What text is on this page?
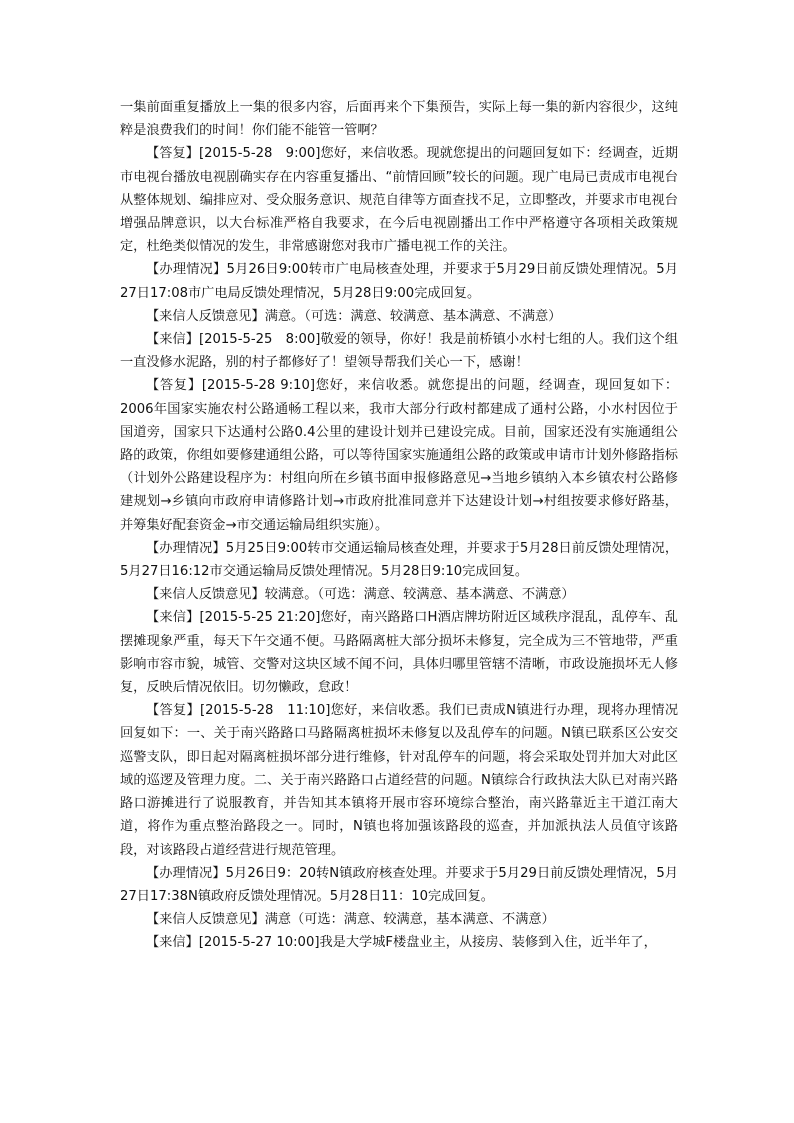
一集前面重复播放上一集的很多内容，后面再来个下集预告，实际上每一集的新内容很少，这纯粹是浪费我们的时间！你们能不能管一管啊？

【答复】[2015-5-28　9:00]您好，来信收悉。现就您提出的问题回复如下：经调查，近期市电视台播放电视剧确实存在内容重复播出、“前情回顾”较长的问题。现广电局已责成市电视台从整体规划、编排应对、受众服务意识、规范自律等方面查找不足，立即整改，并要求市电视台增强品牌意识，以大台标准严格自我要求，在今后电视剧播出工作中严格遵守各项相关政策规定，杜绝类似情况的发生，非常感谢您对我市广播电视工作的关注。

【办理情况】5月26日9:00转市广电局核查处理，并要求于5月29日前反馈处理情况。5月27日17:08市广电局反馈处理情况，5月28日9:00完成回复。

【来信人反馈意见】满意。（可选：满意、较满意、基本满意、不满意）

【来信】[2015-5-25　8:00]敬爱的领导，你好！我是前桥镇小水村七组的人。我们这个组一直没修水泥路，别的村子都修好了！望领导帮我们关心一下，感谢！

【答复】[2015-5-28 9:10]您好，来信收悉。就您提出的问题，经调查，现回复如下：2006年国家实施农村公路通畅工程以来，我市大部分行政村都建成了通村公路，小水村因位于国道旁，国家只下达通村公路0.4公里的建设计划并已建设完成。目前，国家还没有实施通组公路的政策，你组如要修建通组公路，可以等待国家实施通组公路的政策或申请市计划外修路指标（计划外公路建设程序为：村组向所在乡镇书面申报修路意见→当地乡镇纳入本乡镇农村公路修建规划→乡镇向市政府申请修路计划→市政府批准同意并下达建设计划→村组按要求修好路基，并筹集好配套资金→市交通运输局组织实施）。

【办理情况】5月25日9:00转市交通运输局核查处理，并要求于5月28日前反馈处理情况，5月27日16:12市交通运输局反馈处理情况。5月28日9:10完成回复。

【来信人反馈意见】较满意。（可选：满意、较满意、基本满意、不满意）

【来信】[2015-5-25 21:20]您好，南兴路路口H酒店牌坊附近区域秩序混乱，乱停车、乱摆摊现象严重，每天下午交通不便。马路隔离桩大部分损坏未修复，完全成为三不管地带，严重影响市容市貌，城管、交警对这块区域不闻不问，具体归哪里管辖不清晰，市政设施损坏无人修复，反映后情况依旧。切勿懒政，怠政！

【答复】[2015-5-28　11:10]您好，来信收悉。我们已责成N镇进行办理，现将办理情况回复如下：一、关于南兴路路口马路隔离桩损坏未修复以及乱停车的问题。N镇已联系区公安交巡警支队，即日起对隔离桩损坏部分进行维修，针对乱停车的问题，将会采取处罚并加大对此区域的巡逻及管理力度。二、关于南兴路路口占道经营的问题。N镇综合行政执法大队已对南兴路路口游摊进行了说服教育，并告知其本镇将开展市容环境综合整治，南兴路靠近主干道江南大道，将作为重点整治路段之一。同时，N镇也将加强该路段的巡查，并加派执法人员值守该路段，对该路段占道经营进行规范管理。

【办理情况】5月26日9：20转N镇政府核查处理。并要求于5月29日前反馈处理情况，5月27日17:38N镇政府反馈处理情况。5月28日11：10完成回复。

【来信人反馈意见】满意（可选：满意、较满意，基本满意、不满意）

【来信】[2015-5-27 10:00]我是大学城F楼盘业主，从接房、装修到入住，近半年了，
